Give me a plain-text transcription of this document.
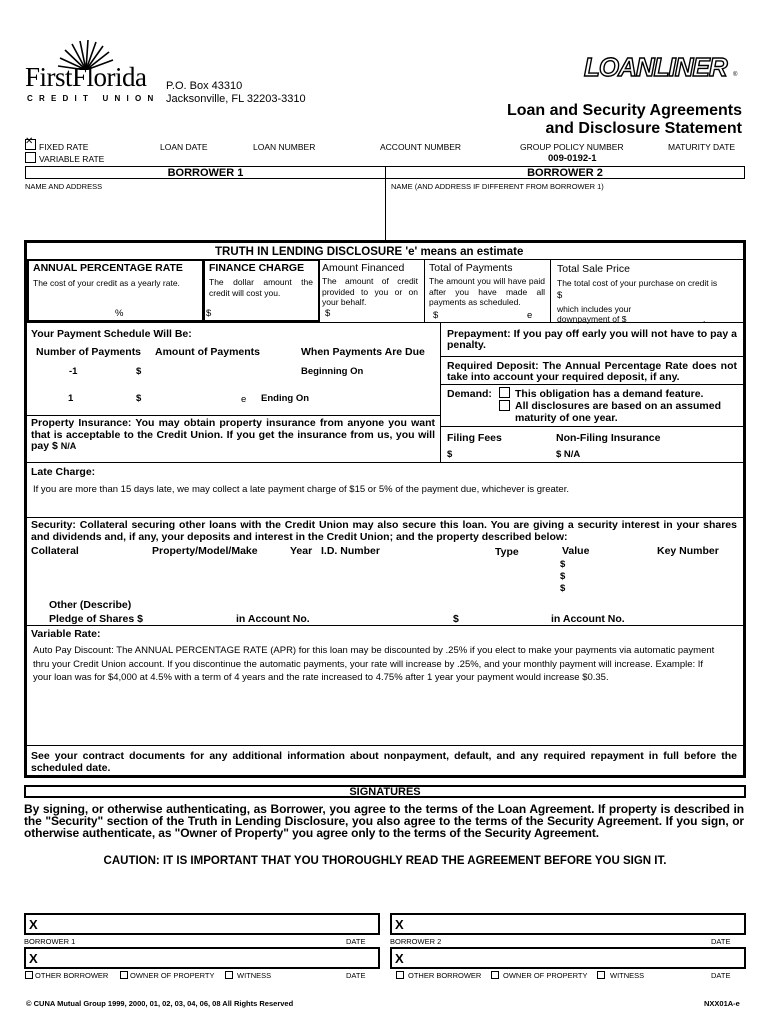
FirstFlorida
C R E D I T   U N I O N
P.O. Box 43310
Jacksonville, FL 32203-3310
LOANLINER ®
Loan and Security Agreements
and Disclosure Statement
✕
FIXED RATE
VARIABLE RATE
LOAN DATE	LOAN NUMBER	ACCOUNT NUMBER	GROUP POLICY NUMBER
009-0192-1
MATURITY DATE
BORROWER 1	BORROWER 2
NAME AND ADDRESS	NAME (AND ADDRESS IF DIFFERENT FROM BORROWER 1)
TRUTH IN LENDING DISCLOSURE 'e' means an estimate
ANNUAL PERCENTAGE RATE
The cost of your credit as a yearly rate.
%
FINANCE CHARGE
The dollar amount the credit will cost you.
$
Amount Financed
The amount of credit provided to you or on your behalf.
$
Total of Payments
The amount you will have paid after you have made all payments as scheduled.
$	e
Total Sale Price
The total cost of your purchase on credit is
$
which includes your downpayment of $	.
Your Payment Schedule Will Be:
Number of Payments Amount of Payments	When Payments Are Due
-1	$	Beginning On
1	$	e Ending On
Prepayment: If you pay off early you will not have to pay a penalty.
Required Deposit: The Annual Percentage Rate does not take into account your required deposit, if any.
Demand: This obligation has a demand feature.
All disclosures are based on an assumed maturity of one year.
Property Insurance: You may obtain property insurance from anyone you want that is acceptable to the Credit Union. If you get the insurance from us, you will pay $ N/A
Filing Fees
$
Non-Filing Insurance
$ N/A
Late Charge:
If you are more than 15 days late, we may collect a late payment charge of $15 or 5% of the payment due, whichever is greater.
Security: Collateral securing other loans with the Credit Union may also secure this loan. You are giving a security interest in your shares and dividends and, if any, your deposits and interest in the Credit Union; and the property described below:
Collateral	Property/Model/Make	Year I.D. Number	Type	Value	Key Number
$
$
$
Other (Describe)
Pledge of Shares $	in Account No.	$	in Account No.
Variable Rate:
Auto Pay Discount: The ANNUAL PERCENTAGE RATE (APR) for this loan may be discounted by .25% if you elect to make your payments via automatic payment thru your Credit Union account. If you discontinue the automatic payments, your rate will increase by .25%, and your monthly payment will increase. Example: If your loan was for $4,000 at 4.5% with a term of 4 years and the rate increased to 4.75% after 1 year your payment would increase $0.35.
See your contract documents for any additional information about nonpayment, default, and any required repayment in full before the scheduled date.
SIGNATURES
By signing, or otherwise authenticating, as Borrower, you agree to the terms of the Loan Agreement. If property is described in the "Security" section of the Truth in Lending Disclosure, you also agree to the terms of the Security Agreement. If you sign, or otherwise authenticate, as "Owner of Property" you agree only to the terms of the Security Agreement.
CAUTION: IT IS IMPORTANT THAT YOU THOROUGHLY READ THE AGREEMENT BEFORE YOU SIGN IT.
X
BORROWER 1	DATE
X
OTHER BORROWER	OWNER OF PROPERTY	WITNESS	DATE
X
BORROWER 2	DATE
X
OTHER BORROWER	OWNER OF PROPERTY	WITNESS	DATE
© CUNA Mutual Group 1999, 2000, 01, 02, 03, 04, 06, 08 All Rights Reserved	NXX01A-e
